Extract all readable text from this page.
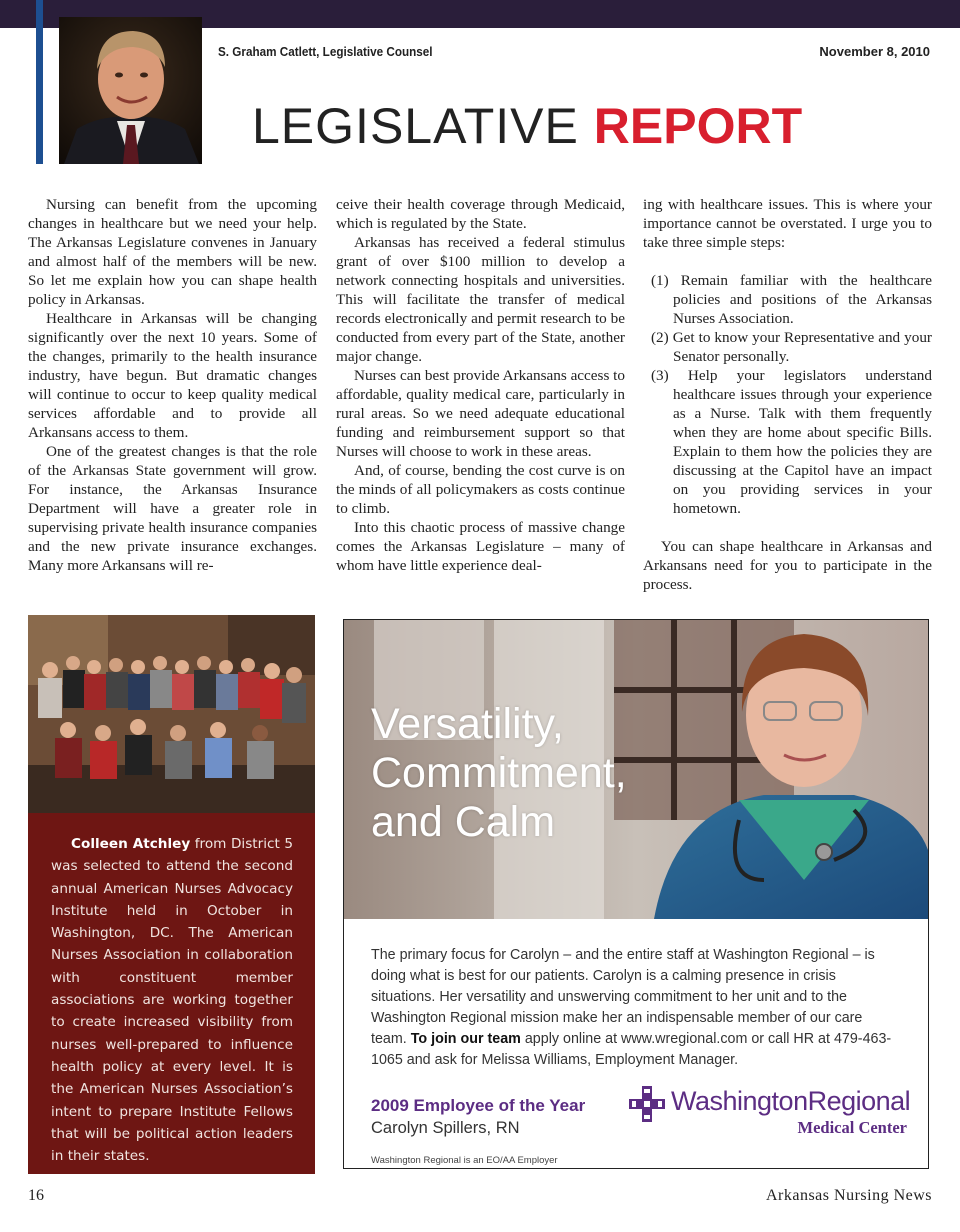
S. Graham Catlett, Legislative Counsel	November 8, 2010
LEGISLATIVE REPORT

Nursing can benefit from the upcoming changes in healthcare but we need your help. The Arkansas Legislature convenes in January and almost half of the members will be new. So let me explain how you can shape health policy in Arkansas.

Healthcare in Arkansas will be changing significantly over the next 10 years. Some of the changes, primarily to the health insurance industry, have begun. But dramatic changes will continue to occur to keep quality medical services affordable and to provide all Arkansans access to them.

One of the greatest changes is that the role of the Arkansas State government will grow. For instance, the Arkansas Insurance Department will have a greater role in supervising private health insurance companies and the new private insurance exchanges. Many more Arkansans will re-

ceive their health coverage through Medicaid, which is regulated by the State.

Arkansas has received a federal stimulus grant of over $100 million to develop a network connecting hospitals and universities. This will facilitate the transfer of medical records electronically and permit research to be conducted from every part of the State, another major change.

Nurses can best provide Arkansans access to affordable, quality medical care, particularly in rural areas. So we need adequate educational funding and reimbursement support so that Nurses will choose to work in these areas.

And, of course, bending the cost curve is on the minds of all policymakers as costs continue to climb.

Into this chaotic process of massive change comes the Arkansas Legislature – many of whom have little experience deal-

ing with healthcare issues. This is where your importance cannot be overstated. I urge you to take three simple steps:

(1) Remain familiar with the healthcare policies and positions of the Arkansas Nurses Association.
(2) Get to know your Representative and your Senator personally.
(3) Help your legislators understand healthcare issues through your experience as a Nurse. Talk with them frequently when they are home about specific Bills. Explain to them how the policies they are discussing at the Capitol have an impact on you providing services in your hometown.

You can shape healthcare in Arkansas and Arkansans need for you to participate in the process.

Colleen Atchley from District 5 was selected to attend the second annual American Nurses Advocacy Institute held in October in Washington, DC. The American Nurses Association in collaboration with constituent member associations are working together to create increased visibility from nurses well-prepared to influence health policy at every level. It is the American Nurses Association’s intent to prepare Institute Fellows that will be political action leaders in their states.
Versatility,
Commitment,
and Calm
The primary focus for Carolyn – and the entire staff at Washington Regional – is doing what is best for our patients. Carolyn is a calming presence in crisis situations. Her versatility and unswerving commitment to her unit and to the Washington Regional mission make her an indispensable member of our care team. To join our team apply online at www.wregional.com or call HR at 479-463-1065 and ask for Melissa Williams, Employment Manager.
2009 Employee of the Year
Carolyn Spillers, RN
WashingtonRegional
Medical Center
Washington Regional is an EO/AA Employer
16	Arkansas Nursing News
